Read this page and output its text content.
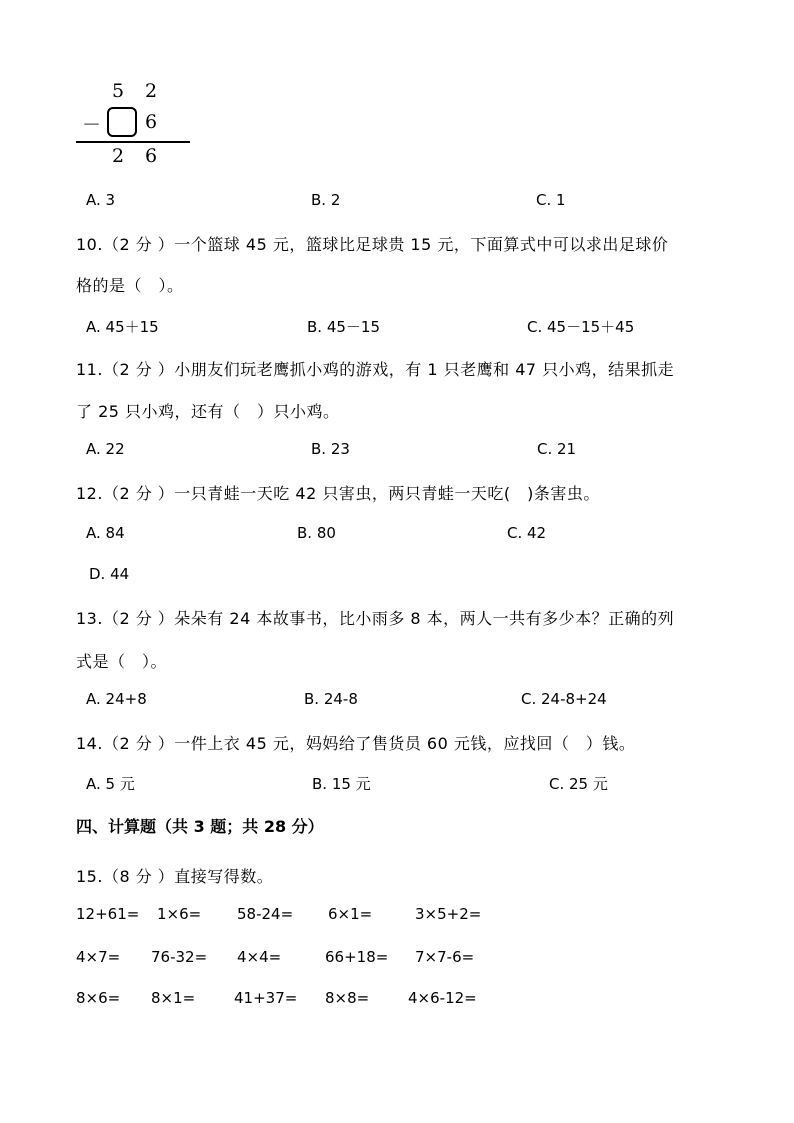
5 2
－ 6
2 6
A. 3	B. 2	C. 1
10.（2 分 ）一个篮球 45 元，篮球比足球贵 15 元，下面算式中可以求出足球价
格的是（　）。
A. 45＋15	B. 45－15	C. 45－15＋45
11.（2 分 ）小朋友们玩老鹰抓小鸡的游戏，有 1 只老鹰和 47 只小鸡，结果抓走
了 25 只小鸡，还有（　）只小鸡。
A. 22	B. 23	C. 21
12.（2 分 ）一只青蛙一天吃 42 只害虫，两只青蛙一天吃(　)条害虫。
A. 84	B. 80	C. 42
D. 44
13.（2 分 ）朵朵有 24 本故事书，比小雨多 8 本，两人一共有多少本？正确的列
式是（　）。
A. 24+8	B. 24-8	C. 24-8+24
14.（2 分 ）一件上衣 45 元，妈妈给了售货员 60 元钱，应找回（　）钱。
A. 5 元	B. 15 元	C. 25 元
四、计算题（共 3 题；共 28 分）
15.（8 分 ）直接写得数。
12+61= 1×6= 58-24= 6×1=	3×5+2=
4×7= 76-32= 4×4=	66+18= 7×7-6=
8×6= 8×1=	41+37= 8×8=	4×6-12=
